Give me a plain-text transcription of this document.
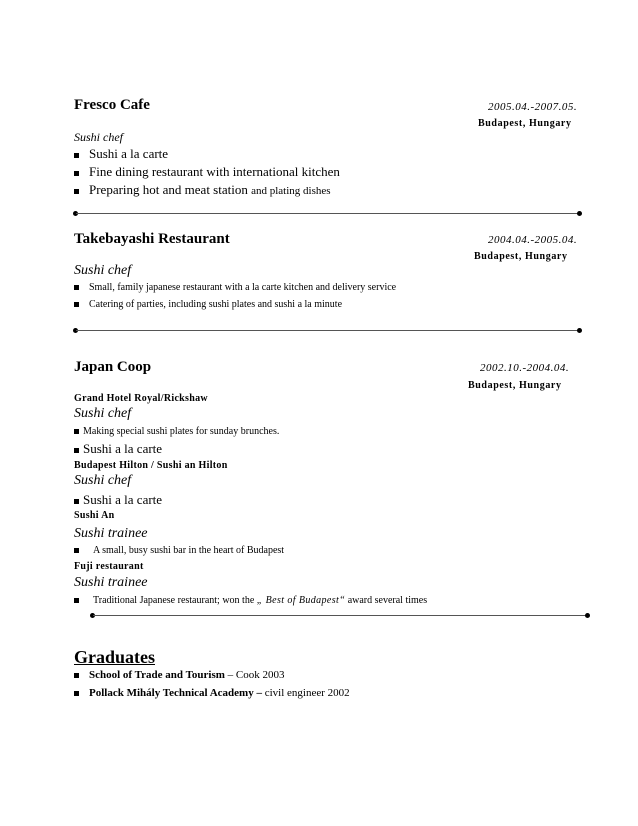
Fresco Cafe	2005.04.-2007.05.
Budapest, Hungary
Sushi chef
Sushi a la carte
Fine dining restaurant with international kitchen
Preparing hot and meat station and plating dishes
Takebayashi Restaurant	2004.04.-2005.04.
Budapest, Hungary
Sushi chef
Small, family japanese restaurant with a la carte kitchen and delivery service
Catering of parties, including sushi plates and sushi a la minute
Japan Coop	2002.10.-2004.04.
Budapest, Hungary
Grand Hotel Royal/Rickshaw
Sushi chef
Making special sushi plates for sunday brunches.
Sushi a la carte
Budapest Hilton / Sushi an Hilton
Sushi chef
Sushi a la carte
Sushi An
Sushi trainee
A small, busy sushi bar in the heart of Budapest
Fuji restaurant
Sushi trainee
Traditional Japanese restaurant; won the „ Best of Budapest“ award several times
Graduates
School of Trade and Tourism – Cook 2003
Pollack Mihály Technical Academy – civil engineer 2002
